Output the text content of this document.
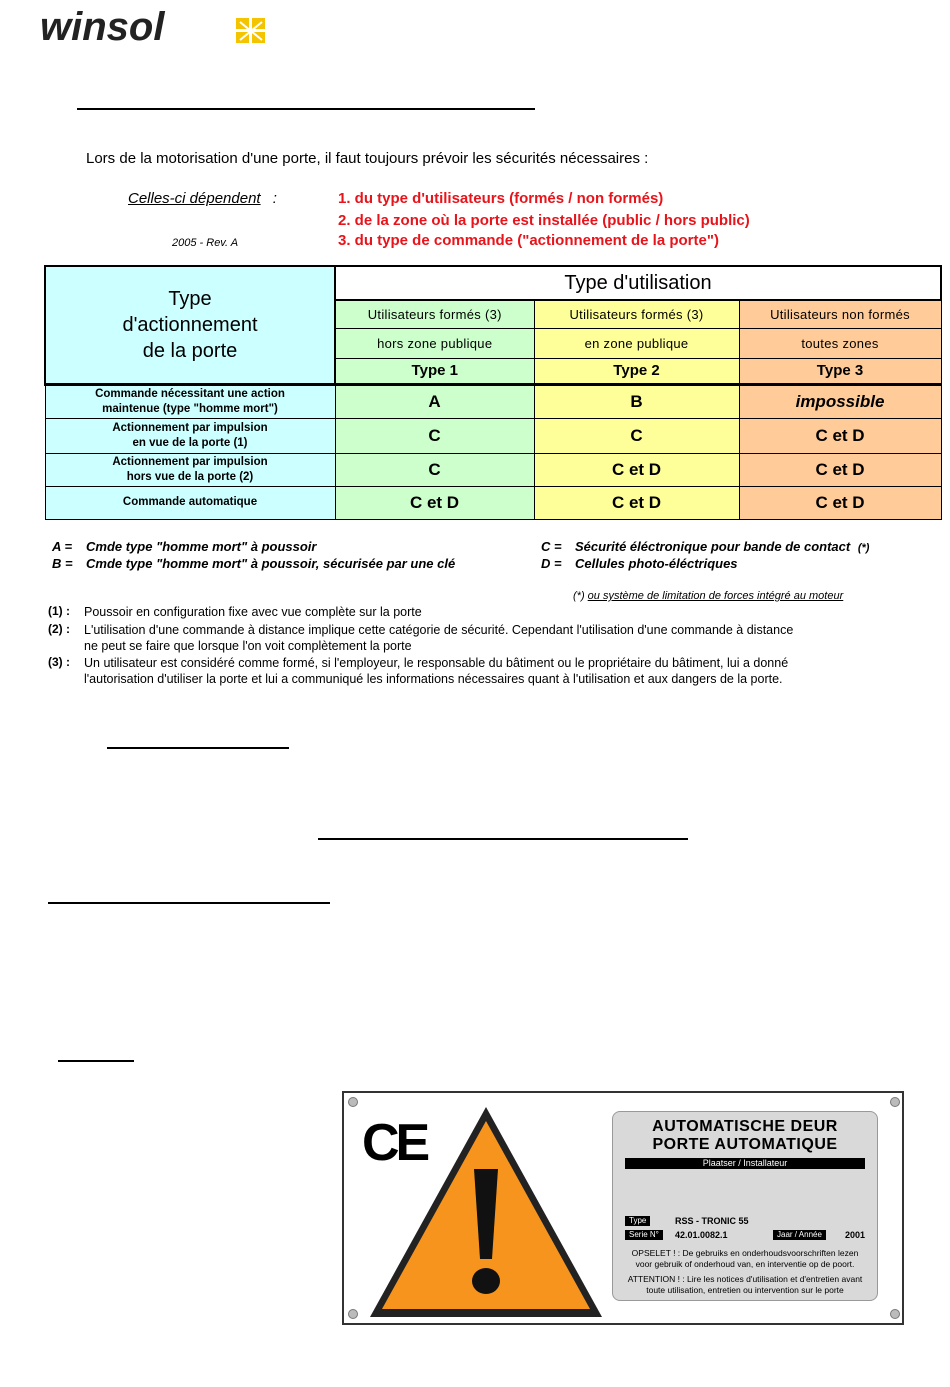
winsol
Lors de la motorisation d'une porte, il faut toujours prévoir les sécurités nécessaires :
Celles-ci dépendent :
2005 - Rev. A
1. du type d'utilisateurs (formés / non formés)
2. de la zone où la porte est installée (public / hors public)
3. du type de commande ("actionnement de la porte")
Type
d'actionnement
de la porte	Type d'utilisation		
	Utilisateurs formés (3)	Utilisateurs formés (3)	Utilisateurs non formés
	hors zone publique	en zone publique	toutes zones
	Type 1	Type 2	Type 3

Commande nécessitant une action
maintenue (type "homme mort")	A	B	impossible

Actionnement par impulsion
en vue de la porte (1)	C	C	C et D

Actionnement par impulsion
hors vue de la porte (2)	C	C et D	C et D

Commande automatique	C et D	C et D	C et D
A = Cmde type "homme mort" à poussoir
B = Cmde type "homme mort" à poussoir, sécurisée par une clé
C = Sécurité éléctronique pour bande de contact (*)
D = Cellules photo-éléctriques
(*) ou système de limitation de forces intégré au moteur
(1) : Poussoir en configuration fixe avec vue complète sur la porte
(2) : L'utilisation d'une commande à distance implique cette catégorie de sécurité. Cependant l'utilisation d'une commande à distance
ne peut se faire que lorsque l'on voit complètement la porte
(3) : Un utilisateur est considéré comme formé, si l'employeur, le responsable du bâtiment ou le propriétaire du bâtiment, lui a donné
l'autorisation d'utiliser la porte et lui a communiqué les informations nécessaires quant à l'utilisation et aux dangers de la porte.
CE	AUTOMATISCHE DEUR
PORTE AUTOMATIQUE
Plaatser / Installateur
Type	RSS - TRONIC 55
Serie N°	42.01.0082.1	Jaar / Année	2001
OPSELET ! : De gebruiks en onderhoudsvoorschriften lezen voor gebruik of onderhoud van, en interventie op de poort.
ATTENTION ! : Lire les notices d'utilisation et d'entretien avant toute utilisation, entretien ou intervention sur le porte
